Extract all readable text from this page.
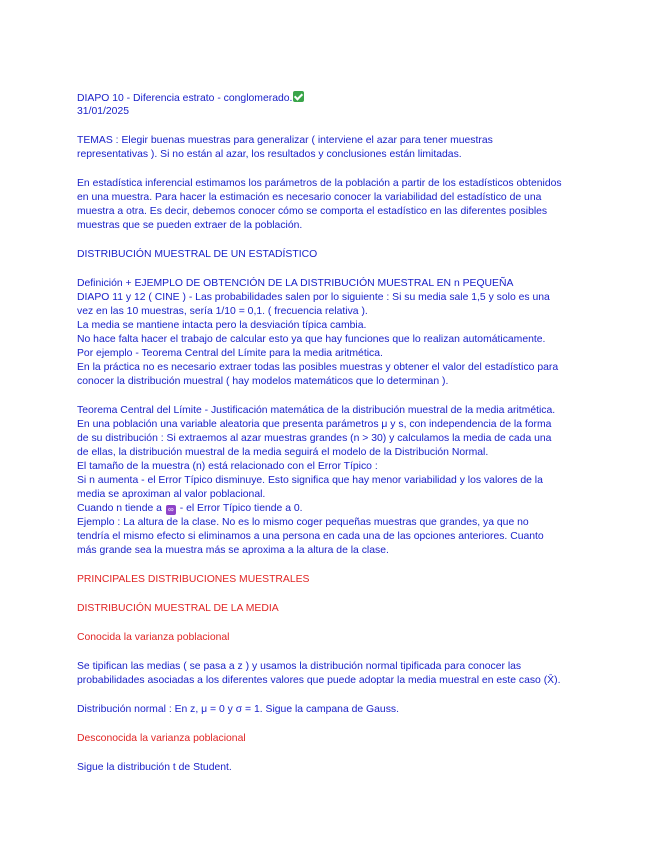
DIAPO 10 - Diferencia estrato - conglomerado.
31/01/2025
TEMAS : Elegir buenas muestras para generalizar ( interviene el azar para tener muestras
representativas ). Si no están al azar, los resultados y conclusiones están limitadas.
En estadística inferencial estimamos los parámetros de la población a partir de los estadísticos obtenidos
en una muestra. Para hacer la estimación es necesario conocer la variabilidad del estadístico de una
muestra a otra. Es decir, debemos conocer cómo se comporta el estadístico en las diferentes posibles
muestras que se pueden extraer de la población.
DISTRIBUCIÓN MUESTRAL DE UN ESTADÍSTICO
Definición + EJEMPLO DE OBTENCIÓN DE LA DISTRIBUCIÓN MUESTRAL EN n PEQUEÑA
DIAPO 11 y 12 ( CINE ) - Las probabilidades salen por lo siguiente : Si su media sale 1,5 y solo es una
vez en las 10 muestras, sería 1/10 = 0,1. ( frecuencia relativa ).
La media se mantiene intacta pero la desviación típica cambia.
No hace falta hacer el trabajo de calcular esto ya que hay funciones que lo realizan automáticamente.
Por ejemplo - Teorema Central del Límite para la media aritmética.
En la práctica no es necesario extraer todas las posibles muestras y obtener el valor del estadístico para
conocer la distribución muestral ( hay modelos matemáticos que lo determinan ).
Teorema Central del Límite - Justificación matemática de la distribución muestral de la media aritmética.
En una población una variable aleatoria que presenta parámetros μ y s, con independencia de la forma
de su distribución : Si extraemos al azar muestras grandes (n > 30) y calculamos la media de cada una
de ellas, la distribución muestral de la media seguirá el modelo de la Distribución Normal.
El tamaño de la muestra (n) está relacionado con el Error Típico :
Si n aumenta - el Error Típico disminuye. Esto significa que hay menor variabilidad y los valores de la
media se aproximan al valor poblacional.
Cuando n tiende a ∞ - el Error Típico tiende a 0.
Ejemplo : La altura de la clase. No es lo mismo coger pequeñas muestras que grandes, ya que no
tendría el mismo efecto si eliminamos a una persona en cada una de las opciones anteriores. Cuanto
más grande sea la muestra más se aproxima a la altura de la clase.
PRINCIPALES DISTRIBUCIONES MUESTRALES
DISTRIBUCIÓN MUESTRAL DE LA MEDIA
Conocida la varianza poblacional
Se tipifican las medias ( se pasa a z ) y usamos la distribución normal tipificada para conocer las
probabilidades asociadas a los diferentes valores que puede adoptar la media muestral en este caso (X̄).
Distribución normal : En z, μ = 0 y σ = 1. Sigue la campana de Gauss.
Desconocida la varianza poblacional
Sigue la distribución t de Student.
